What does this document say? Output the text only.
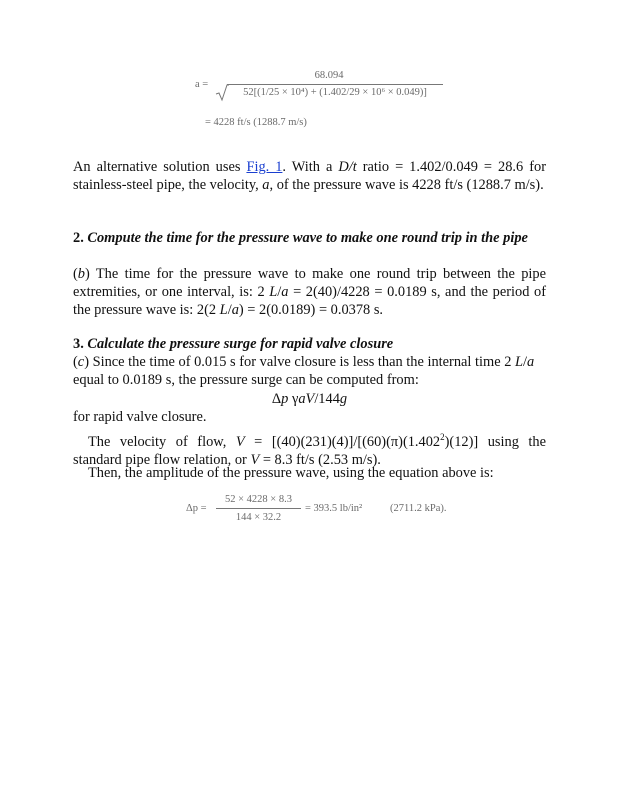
a =
68.094
52[(1/25 × 10⁴) + (1.402/29 × 10⁶ × 0.049)]
= 4228 ft/s (1288.7 m/s)
An alternative solution uses Fig. 1. With a D/t ratio = 1.402/0.049 = 28.6 for stainless-steel pipe, the velocity, a, of the pressure wave is 4228 ft/s (1288.7 m/s).
2. Compute the time for the pressure wave to make one round trip in the pipe
(b) The time for the pressure wave to make one round trip between the pipe extremities, or one interval, is: 2 L/a = 2(40)/4228 = 0.0189 s, and the period of the pressure wave is: 2(2 L/a) = 2(0.0189) = 0.0378 s.
3. Calculate the pressure surge for rapid valve closure
(c) Since the time of 0.015 s for valve closure is less than the internal time 2 L/a equal to 0.0189 s, the pressure surge can be computed from:
Δp γaV/144g
for rapid valve closure.
The velocity of flow, $V = [(40)(231)(4)]/[(60)(\pi)(1.402^2)(12)]$ using the standard pipe flow relation, or V = 8.3 ft/s (2.53 m/s).
Then, the amplitude of the pressure wave, using the equation above is:
$\Delta p = \frac{52 \times 4228 \times 8.3}{144 \times 32.2} = 393.5$ lb/in²	(2711.2 kPa).
